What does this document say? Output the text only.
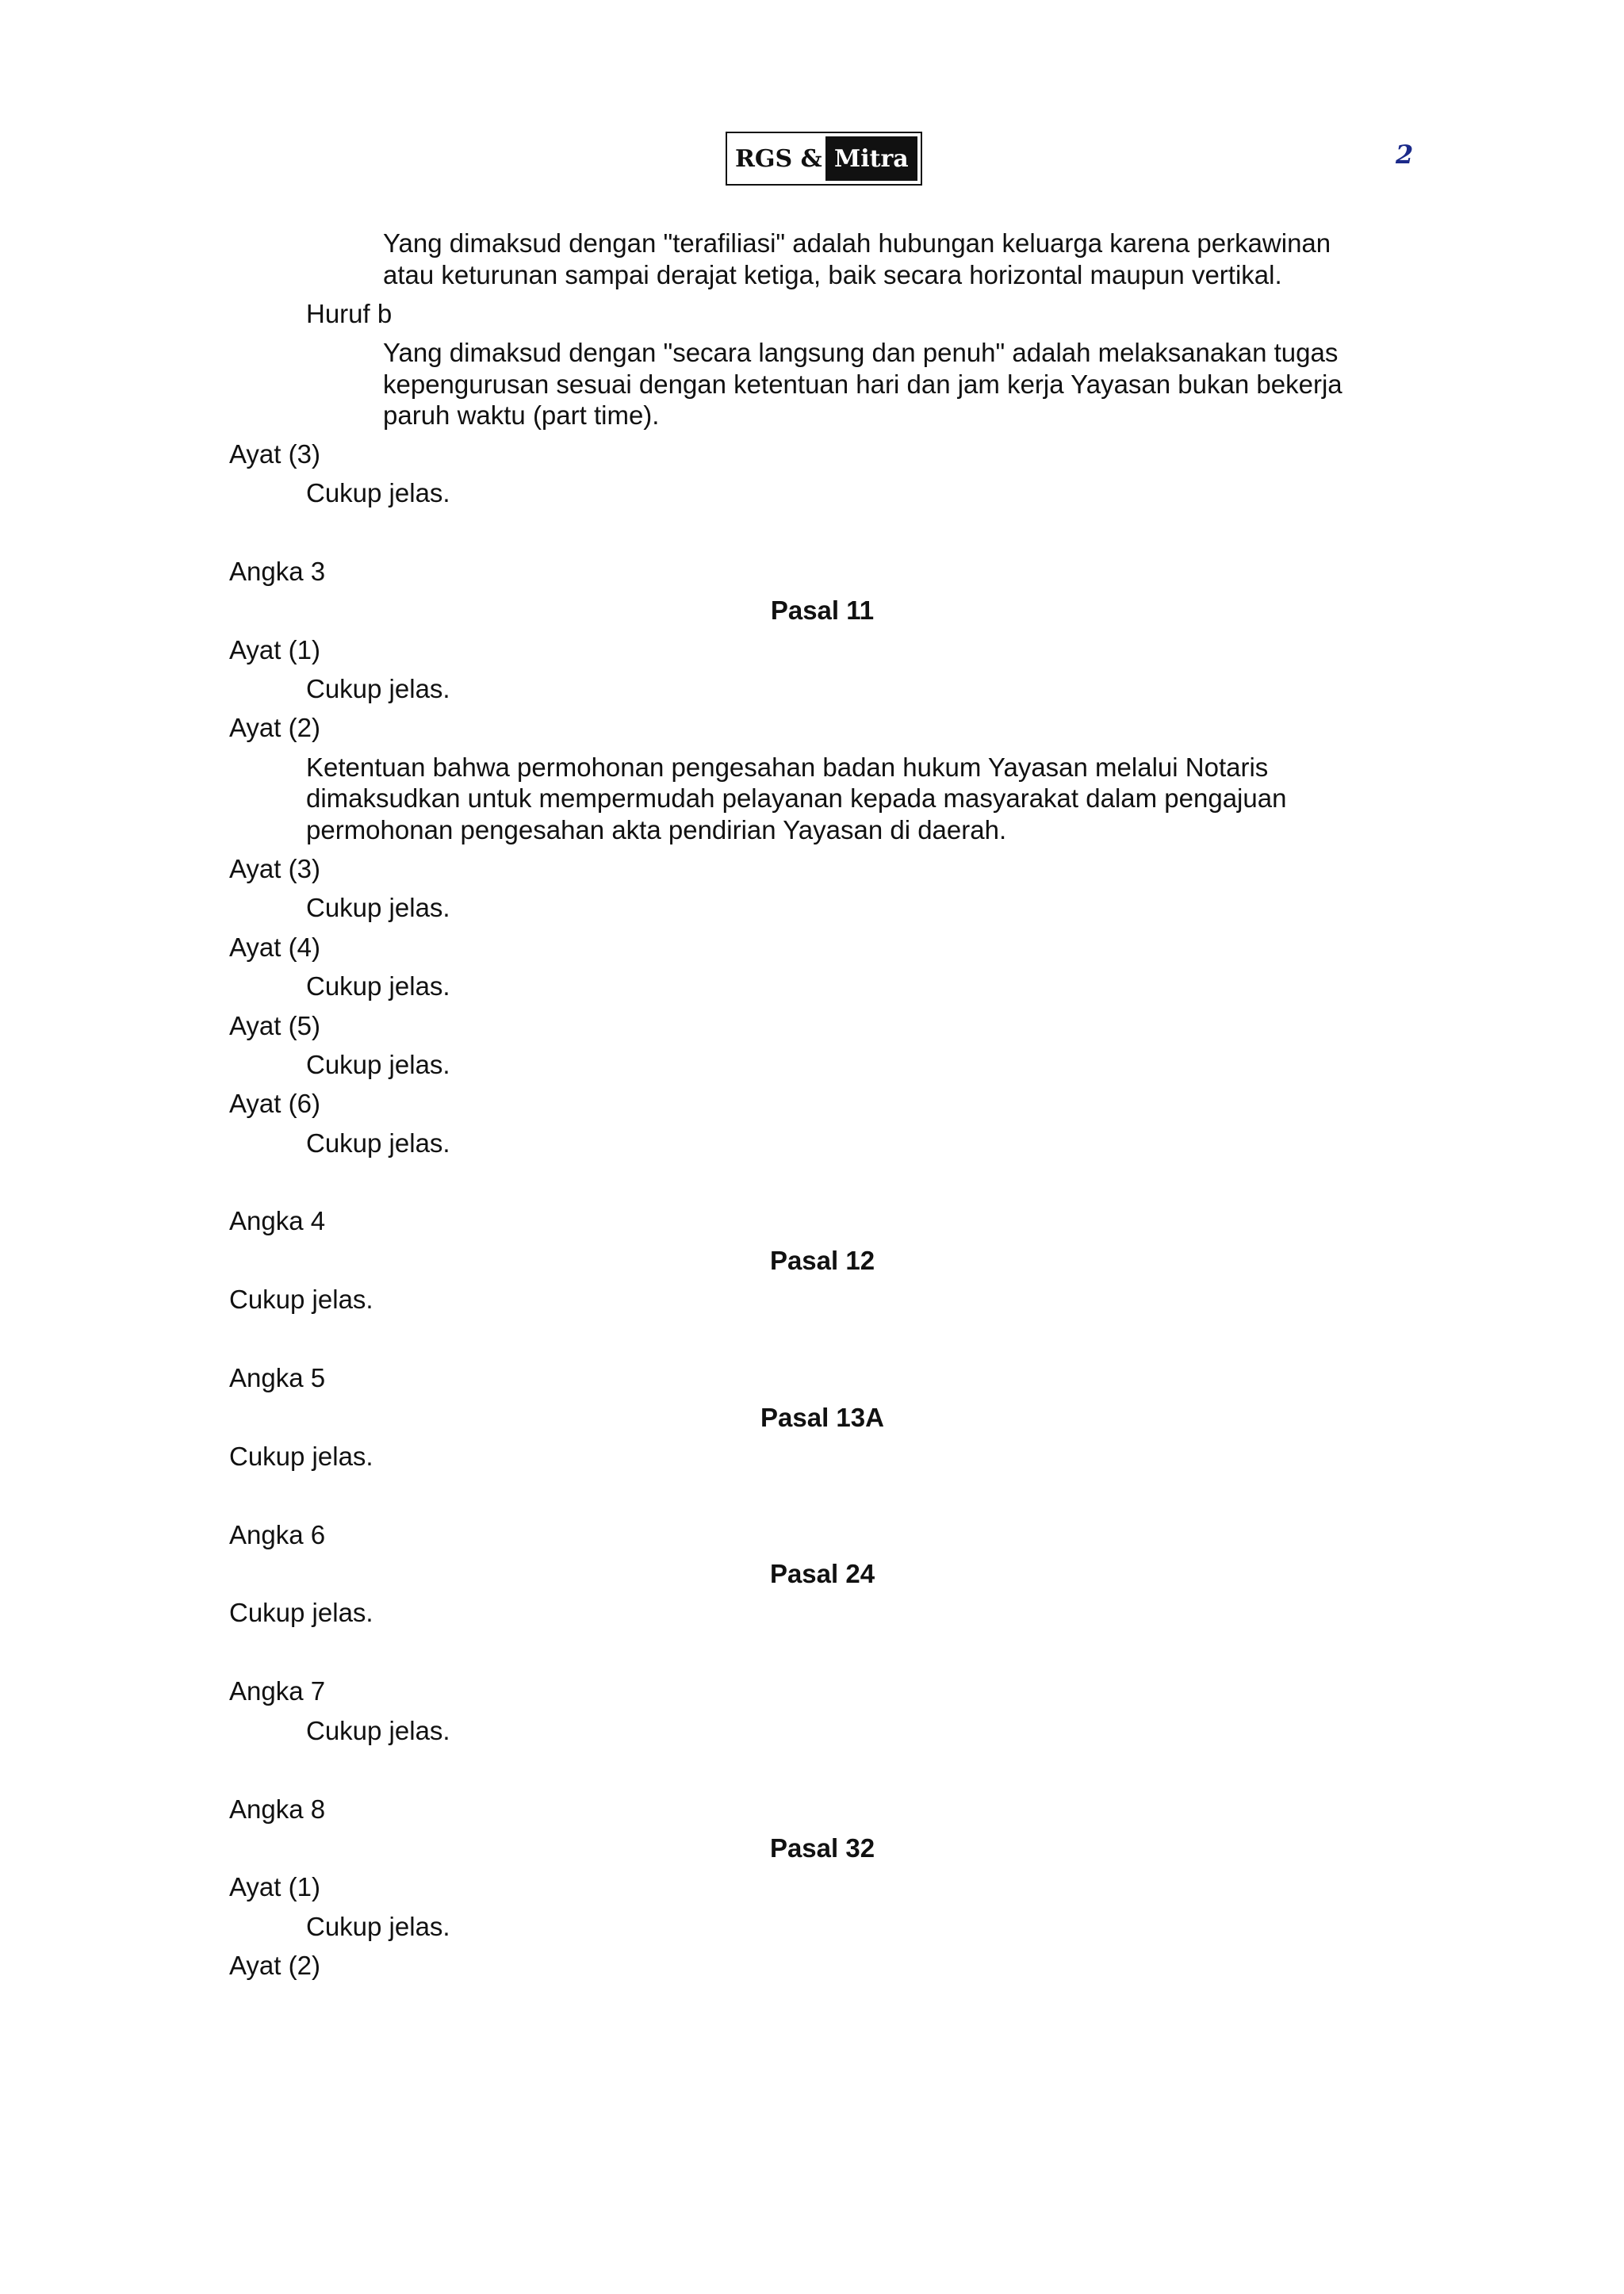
RGS & Mitra	2
Yang dimaksud dengan "terafiliasi" adalah hubungan keluarga karena perkawinan
atau keturunan sampai derajat ketiga, baik secara horizontal maupun vertikal.
Huruf b
Yang dimaksud dengan "secara langsung dan penuh" adalah melaksanakan tugas
kepengurusan sesuai dengan ketentuan hari dan jam kerja Yayasan bukan bekerja
paruh waktu (part time).
Ayat (3)
Cukup jelas.
Angka 3
Pasal 11
Ayat (1)
Cukup jelas.
Ayat (2)
Ketentuan bahwa permohonan pengesahan badan hukum Yayasan melalui Notaris
dimaksudkan untuk mempermudah pelayanan kepada masyarakat dalam pengajuan
permohonan pengesahan akta pendirian Yayasan di daerah.
Ayat (3)
Cukup jelas.
Ayat (4)
Cukup jelas.
Ayat (5)
Cukup jelas.
Ayat (6)
Cukup jelas.
Angka 4
Pasal 12
Cukup jelas.
Angka 5
Pasal 13A
Cukup jelas.
Angka 6
Pasal 24
Cukup jelas.
Angka 7
Cukup jelas.
Angka 8
Pasal 32
Ayat (1)
Cukup jelas.
Ayat (2)
